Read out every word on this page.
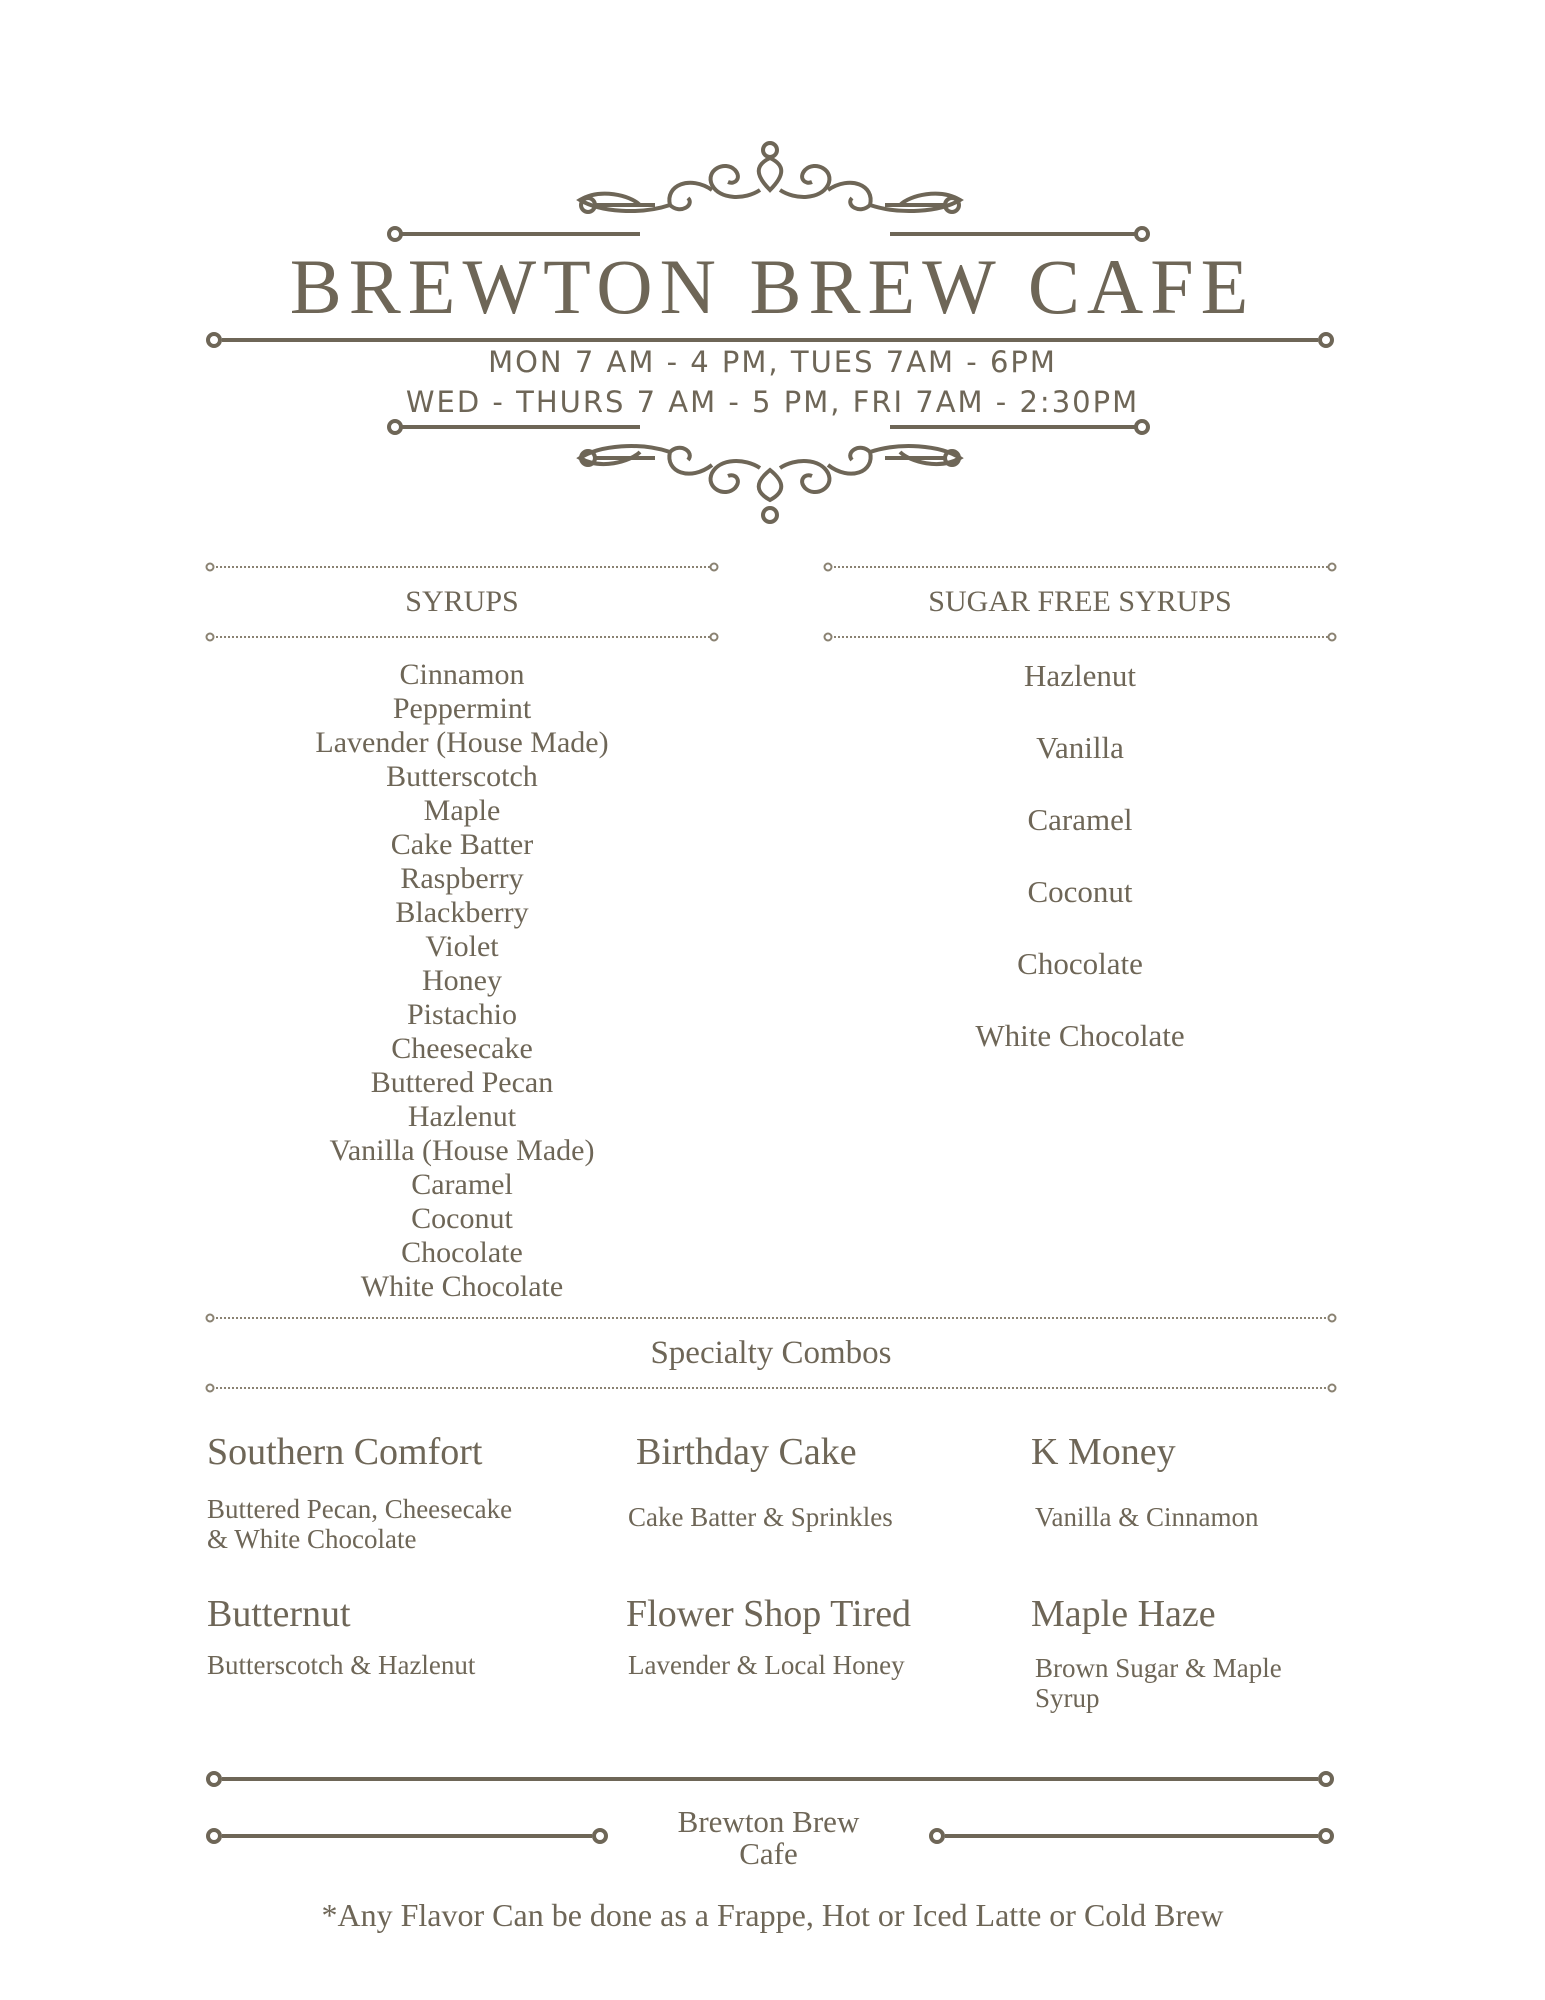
BREWTON BREW CAFE
MON 7 AM - 4 PM, TUES 7AM - 6PM
WED - THURS 7 AM - 5 PM, FRI 7AM - 2:30PM
SYRUPS
Cinnamon
Peppermint
Lavender (House Made)
Butterscotch
Maple
Cake Batter
Raspberry
Blackberry
Violet
Honey
Pistachio
Cheesecake
Buttered Pecan
Hazlenut
Vanilla (House Made)
Caramel
Coconut
Chocolate
White Chocolate
SUGAR FREE SYRUPS
Hazlenut
Vanilla
Caramel
Coconut
Chocolate
White Chocolate
Specialty Combos
Southern Comfort
Buttered Pecan, Cheesecake
& White Chocolate
Birthday Cake
Cake Batter & Sprinkles
K Money
Vanilla & Cinnamon
Butternut
Butterscotch & Hazlenut
Flower Shop Tired
Lavender & Local Honey
Maple Haze
Brown Sugar & Maple
Syrup
Brewton Brew
Cafe
*Any Flavor Can be done as a Frappe, Hot or Iced Latte or Cold Brew
